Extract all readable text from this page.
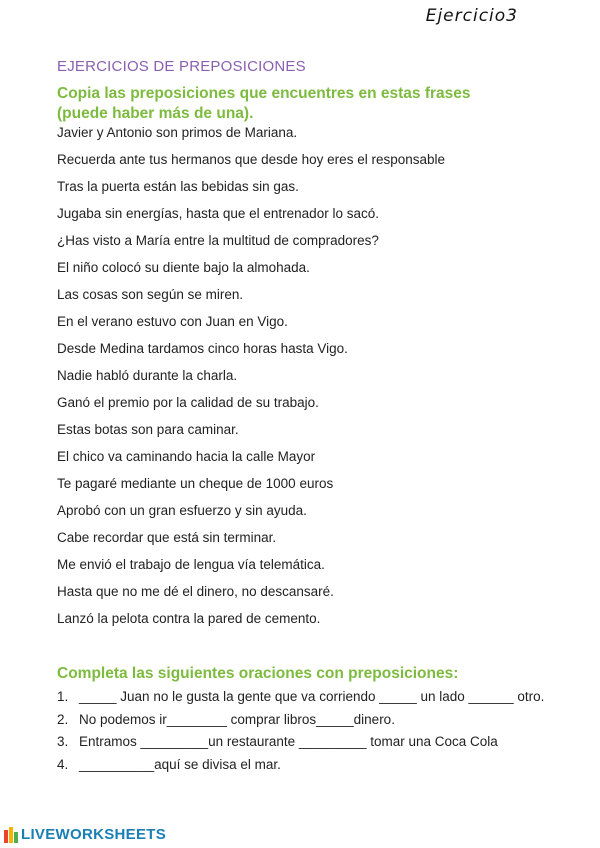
Ejercicio3
EJERCICIOS DE PREPOSICIONES
Copia las preposiciones que encuentres en estas frases (puede haber más de una).
Javier y Antonio son primos de Mariana.
Recuerda ante tus hermanos que desde hoy eres el responsable
Tras la puerta están las bebidas sin gas.
Jugaba sin energías, hasta que el entrenador lo sacó.
¿Has visto a María entre la multitud de compradores?
El niño colocó su diente bajo la almohada.
Las cosas son según se miren.
En el verano estuvo con Juan en Vigo.
Desde Medina tardamos cinco horas hasta Vigo.
Nadie habló durante la charla.
Ganó el premio por la calidad de su trabajo.
Estas botas son para caminar.
El chico va caminando hacia la calle Mayor
Te pagaré mediante un cheque de 1000 euros
Aprobó con un gran esfuerzo y sin ayuda.
Cabe recordar que está sin terminar.
Me envió el trabajo de lengua vía telemática.
Hasta que no me dé el dinero, no descansaré.
Lanzó la pelota contra la pared de cemento.
Completa las siguientes oraciones con preposiciones:
1. _____ Juan no le gusta la gente que va corriendo _____ un lado ______ otro.
2. No podemos ir________ comprar libros_____dinero.
3. Entramos _________un restaurante _________ tomar una Coca Cola
4. __________aquí se divisa el mar.
LIVEWORKSHEETS
